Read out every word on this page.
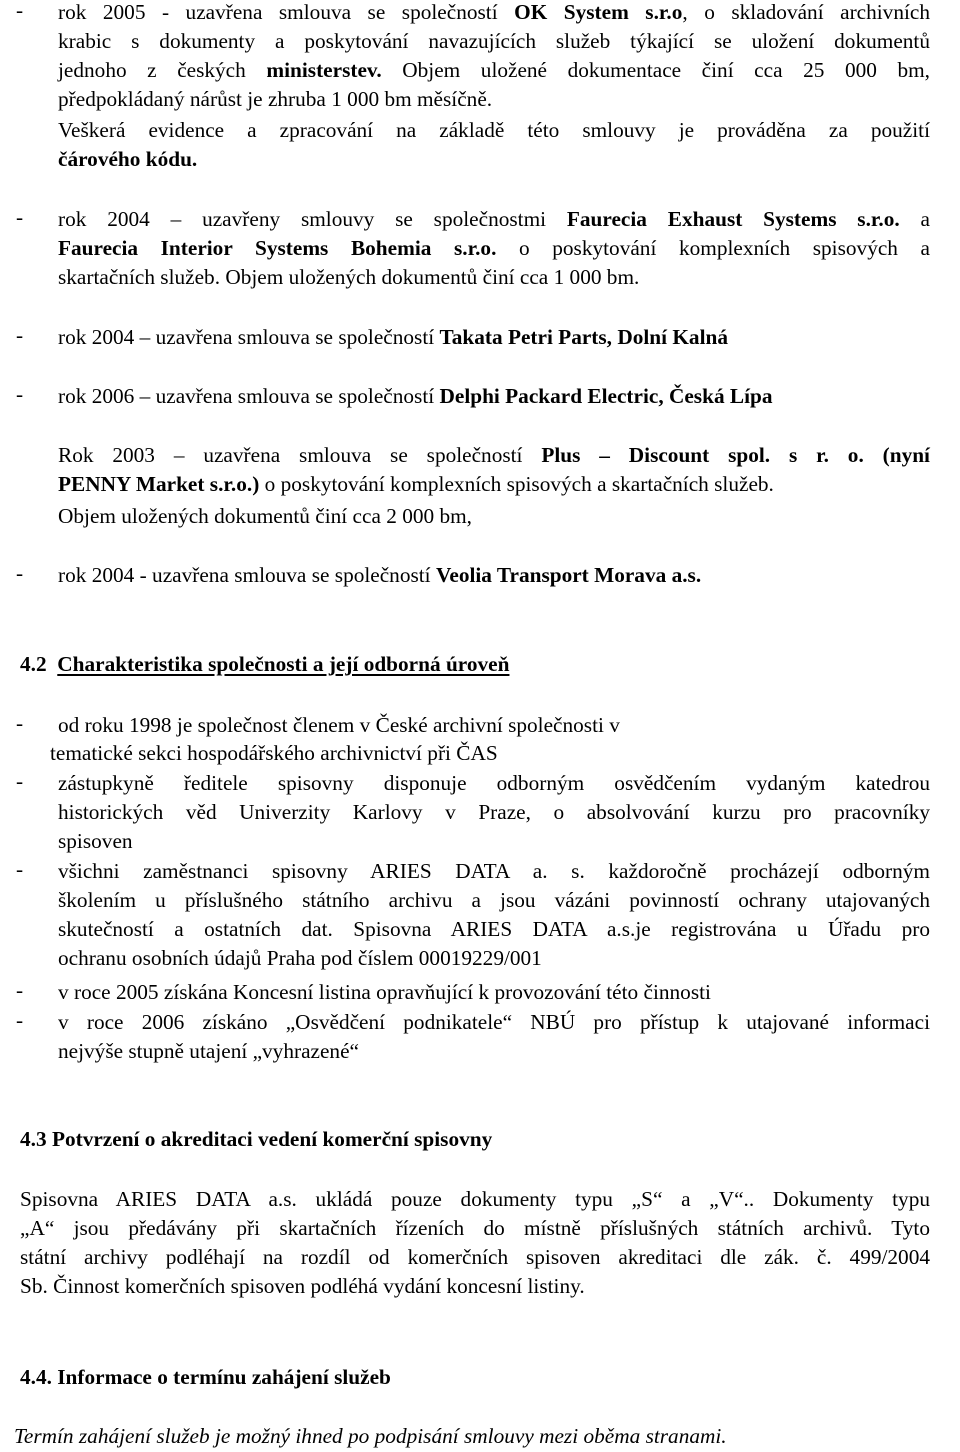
- rok 2005 - uzavřena smlouva se společností OK System s.r.o, o skladování archivních
krabic s dokumenty a poskytování navazujících služeb týkající se uložení dokumentů
jednoho z českých ministerstev. Objem uložené dokumentace činí cca 25 000 bm,
předpokládaný nárůst je zhruba 1 000 bm měsíčně.
Veškerá evidence a zpracování na základě této smlouvy je prováděna za použití
čárového kódu.
- rok 2004 – uzavřeny smlouvy se společnostmi Faurecia Exhaust Systems s.r.o. a
Faurecia Interior Systems Bohemia s.r.o. o poskytování komplexních spisových a
skartačních služeb. Objem uložených dokumentů činí cca 1 000 bm.
- rok 2004 – uzavřena smlouva se společností Takata Petri Parts, Dolní Kalná
- rok 2006 – uzavřena smlouva se společností Delphi Packard Electric, Česká Lípa
Rok 2003 – uzavřena smlouva se společností Plus – Discount spol. s r. o. (nyní
PENNY Market s.r.o.) o poskytování komplexních spisových a skartačních služeb.
Objem uložených dokumentů činí cca 2 000 bm,
- rok 2004 - uzavřena smlouva se společností Veolia Transport Morava a.s.
4.2 Charakteristika společnosti a její odborná úroveň
- od roku 1998 je společnost členem v České archivní společnosti v
tematické sekci hospodářského archivnictví při ČAS
- zástupkyně ředitele spisovny disponuje odborným osvědčením vydaným katedrou
historických věd Univerzity Karlovy v Praze, o absolvování kurzu pro pracovníky
spisoven
- všichni zaměstnanci spisovny ARIES DATA a. s. každoročně procházejí odborným
školením u příslušného státního archivu a jsou vázáni povinností ochrany utajovaných
skutečností a ostatních dat. Spisovna ARIES DATA a.s.je registrována u Úřadu pro
ochranu osobních údajů Praha pod číslem 00019229/001
- v roce 2005 získána Koncesní listina opravňující k provozování této činnosti
- v roce 2006 získáno „Osvědčení podnikatele“ NBÚ pro přístup k utajované informaci
nejvýše stupně utajení „vyhrazené“
4.3 Potvrzení o akreditaci vedení komerční spisovny
Spisovna ARIES DATA a.s. ukládá pouze dokumenty typu „S“ a „V“.. Dokumenty typu
„A“ jsou předávány při skartačních řízeních do místně příslušných státních archivů. Tyto
státní archivy podléhají na rozdíl od komerčních spisoven akreditaci dle zák. č. 499/2004
Sb. Činnost komerčních spisoven podléhá vydání koncesní listiny.
4.4. Informace o termínu zahájení služeb
Termín zahájení služeb je možný ihned po podpisání smlouvy mezi oběma stranami.
